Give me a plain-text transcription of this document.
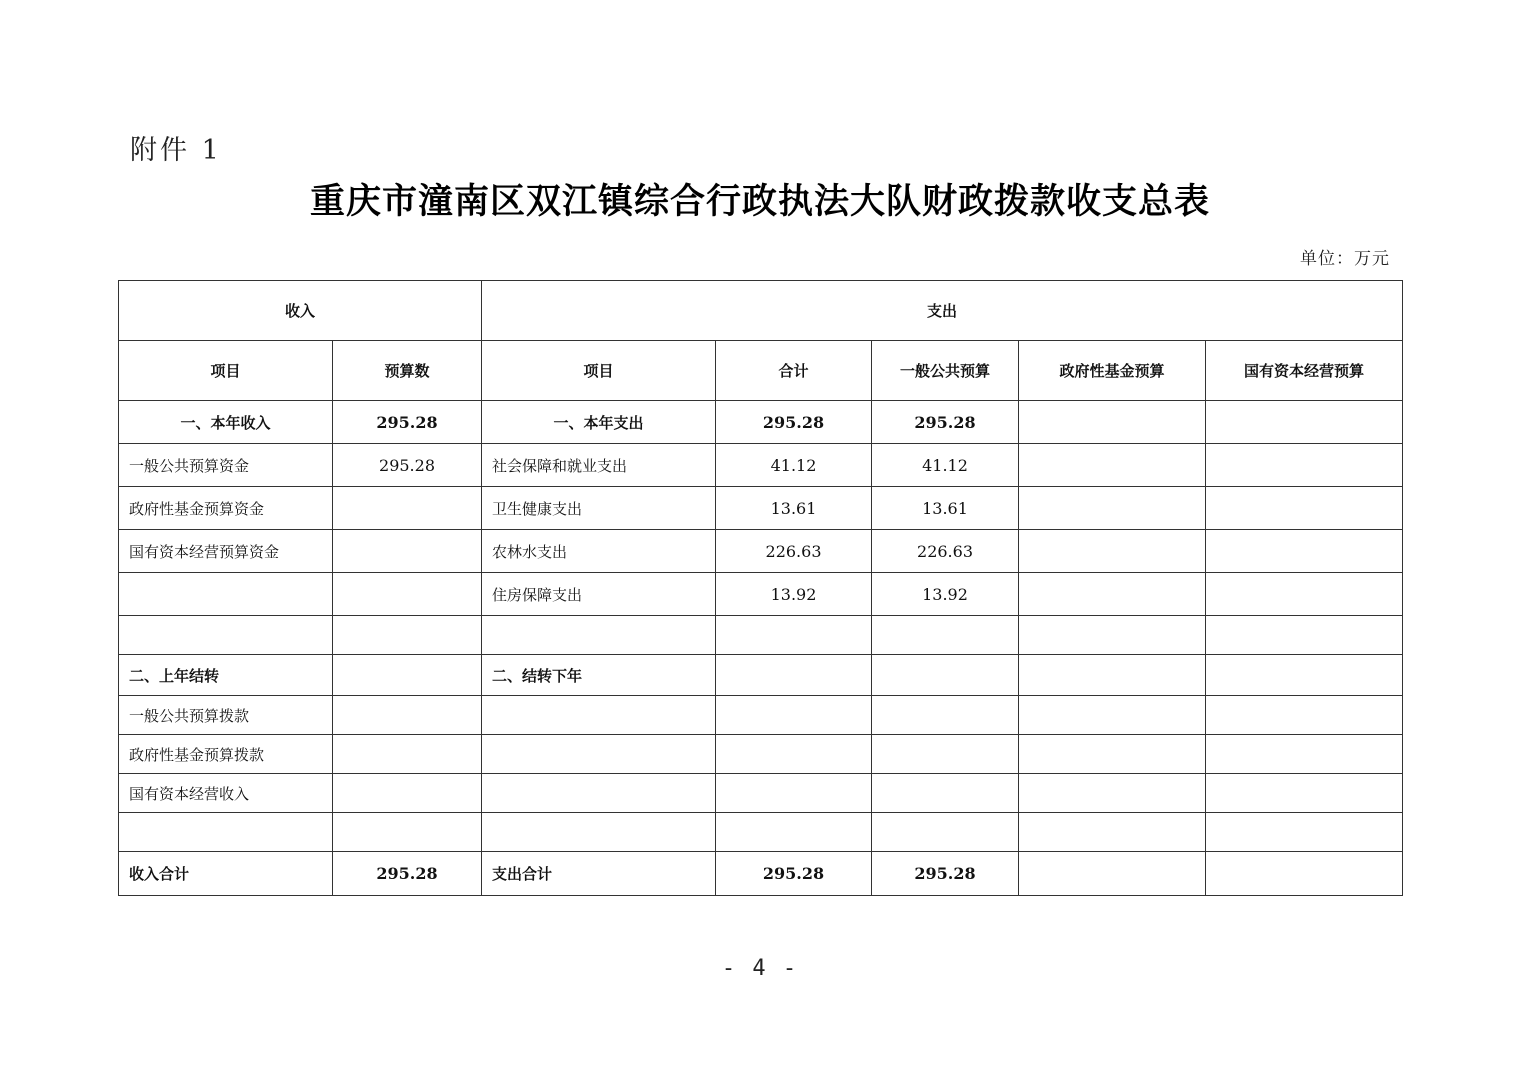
附件 1
重庆市潼南区双江镇综合行政执法大队财政拨款收支总表
单位：万元
收入		支出				
项目	预算数	项目	合计	一般公共预算	政府性基金预算	国有资本经营预算
一、本年收入	295.28	一、本年支出	295.28	295.28		
一般公共预算资金	295.28	社会保障和就业支出	41.12	41.12		
政府性基金预算资金		卫生健康支出	13.61	13.61		
国有资本经营预算资金		农林水支出	226.63	226.63		
		住房保障支出	13.92	13.92		

二、上年结转		二、结转下年				
一般公共预算拨款						
政府性基金预算拨款						
国有资本经营收入						

收入合计	295.28	支出合计	295.28	295.28		
- 4 -
